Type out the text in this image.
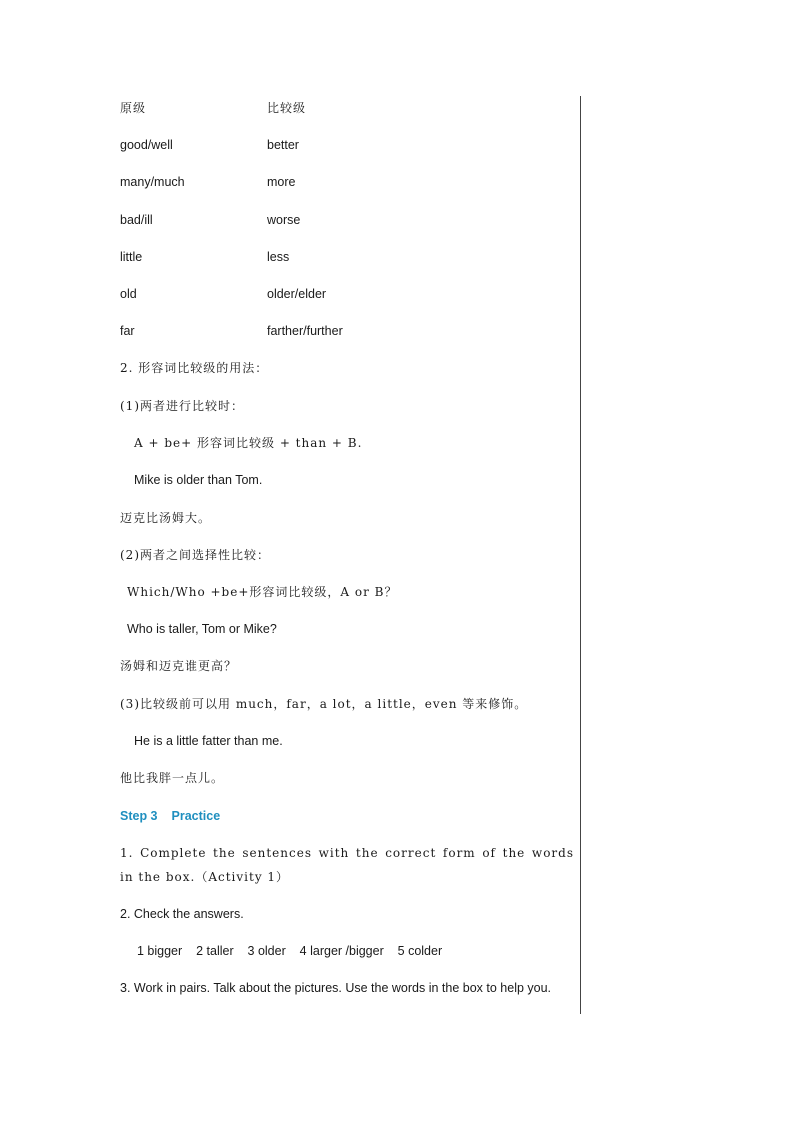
原级	比较级
good/well	better
many/much	more
bad/ill	worse
little	less
old	older/elder
far	farther/further
2. 形容词比较级的用法：
(1)两者进行比较时：
A + be+ 形容词比较级 + than + B.
Mike is older than Tom.
迈克比汤姆大。
(2)两者之间选择性比较：
Which/Who +be+形容词比较级，A or B？
Who is taller, Tom or Mike?
汤姆和迈克谁更高？
(3)比较级前可以用 much，far，a lot，a little，even 等来修饰。
He is a little fatter than me.
他比我胖一点儿。
Step 3 Practice
1. Complete the sentences with the correct form of the words in the box.（Activity 1）
2. Check the answers.
1 bigger 2 taller 3 older 4 larger /bigger 5 colder
3. Work in pairs. Talk about the pictures. Use the words in the box to help you.
